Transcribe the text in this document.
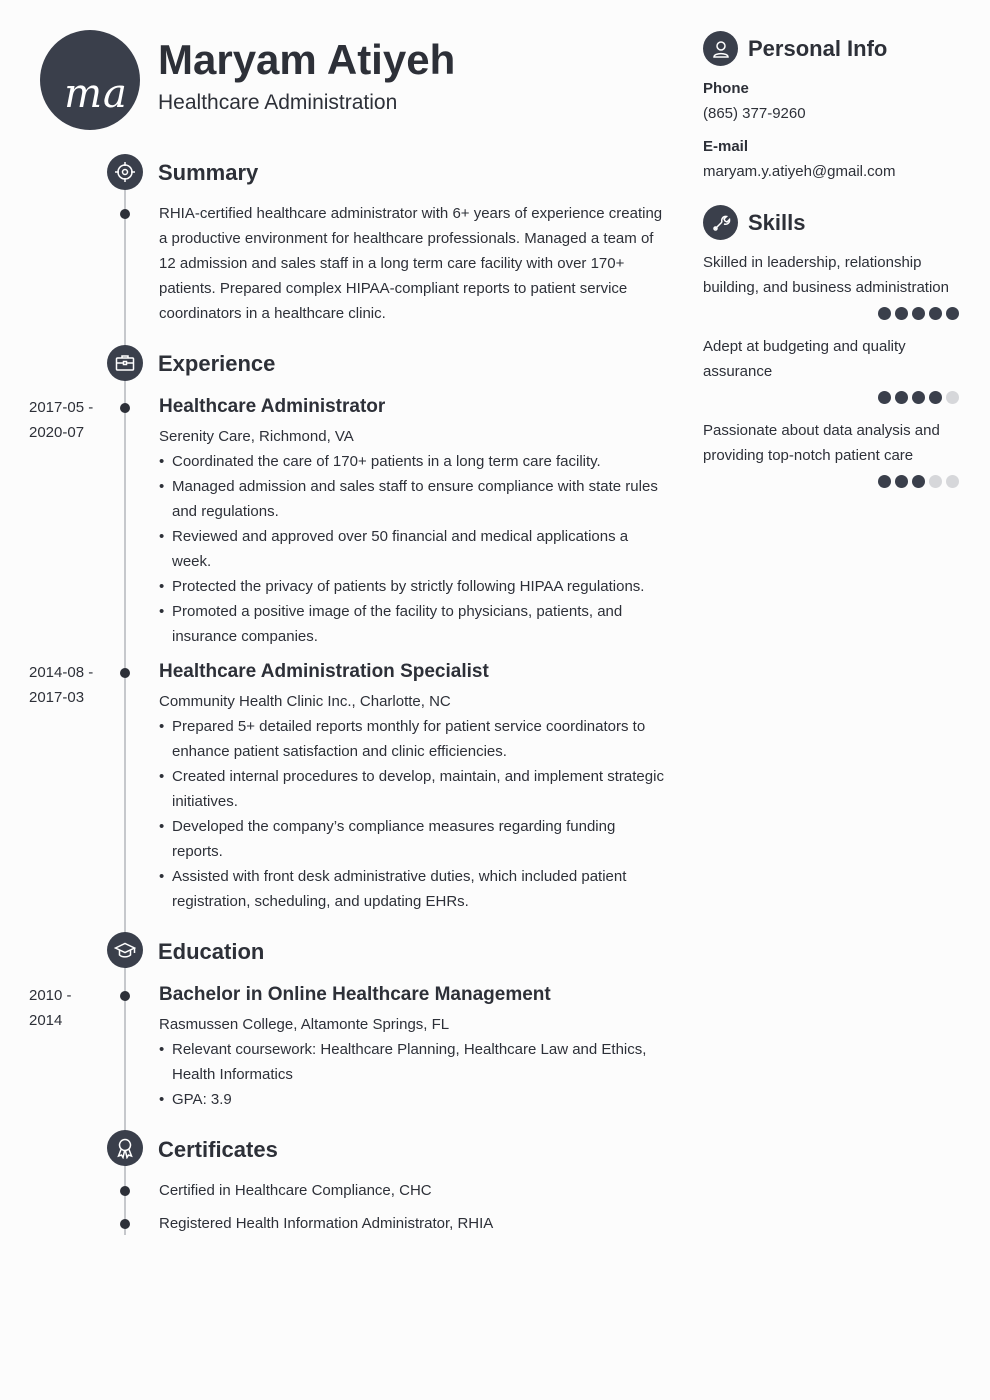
ma
Maryam Atiyeh
Healthcare Administration
Summary
RHIA-certified healthcare administrator with 6+ years of experience creating a productive environment for healthcare professionals. Managed a team of 12 admission and sales staff in a long term care facility with over 170+ patients. Prepared complex HIPAA-compliant reports to patient service coordinators in a healthcare clinic.
Experience
2017-05 -
2020-07
Healthcare Administrator
Serenity Care, Richmond, VA
• Coordinated the care of 170+ patients in a long term care facility.
• Managed admission and sales staff to ensure compliance with state rules and regulations.
• Reviewed and approved over 50 financial and medical applications a week.
• Protected the privacy of patients by strictly following HIPAA regulations.
• Promoted a positive image of the facility to physicians, patients, and insurance companies.
2014-08 -
2017-03
Healthcare Administration Specialist
Community Health Clinic Inc., Charlotte, NC
• Prepared 5+ detailed reports monthly for patient service coordinators to enhance patient satisfaction and clinic efficiencies.
• Created internal procedures to develop, maintain, and implement strategic initiatives.
• Developed the company’s compliance measures regarding funding reports.
• Assisted with front desk administrative duties, which included patient registration, scheduling, and updating EHRs.
Education
2010 -
2014
Bachelor in Online Healthcare Management
Rasmussen College, Altamonte Springs, FL
• Relevant coursework: Healthcare Planning, Healthcare Law and Ethics, Health Informatics
• GPA: 3.9
Certificates
Certified in Healthcare Compliance, CHC
Registered Health Information Administrator, RHIA
Personal Info
Phone
(865) 377-9260
E-mail
maryam.y.atiyeh@gmail.com
Skills
Skilled in leadership, relationship building, and business administration
Adept at budgeting and quality assurance
Passionate about data analysis and providing top-notch patient care
